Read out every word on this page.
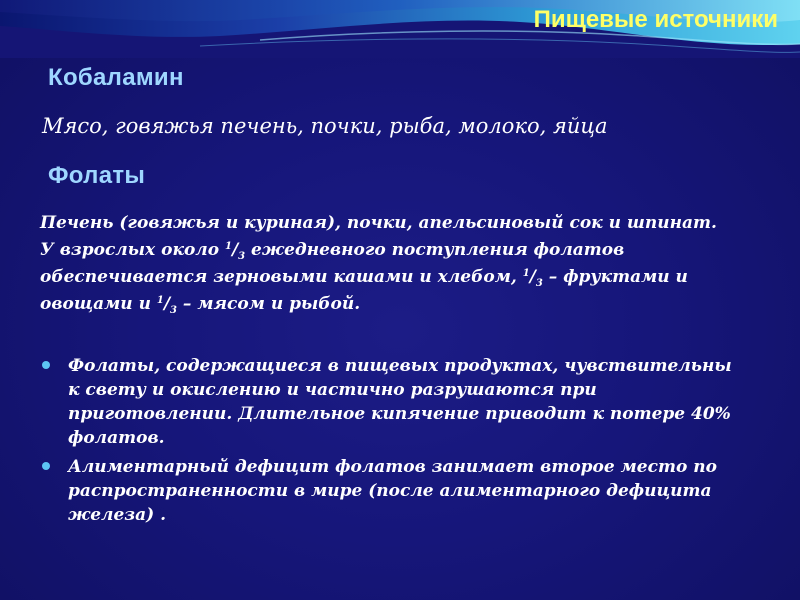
Пищевые источники
Кобаламин
Мясо, говяжья печень, почки, рыба, молоко, яйца
Фолаты
Печень (говяжья и куриная), почки, апельсиновый сок и шпинат.
У взрослых около $^1/_3$ ежедневного поступления фолатов
обеспечивается зерновыми кашами и хлебом, $^1/_3$ – фруктами и
овощами и $^1/_3$ – мясом и рыбой.
Фолаты, содержащиеся в пищевых продуктах, чувствительны
к свету и окислению и частично разрушаются при
приготовлении. Длительное кипячение приводит к потере 40%
фолатов.
Алиментарный дефицит фолатов занимает второе место по
распространенности в мире (после алиментарного дефицита
железа) .
